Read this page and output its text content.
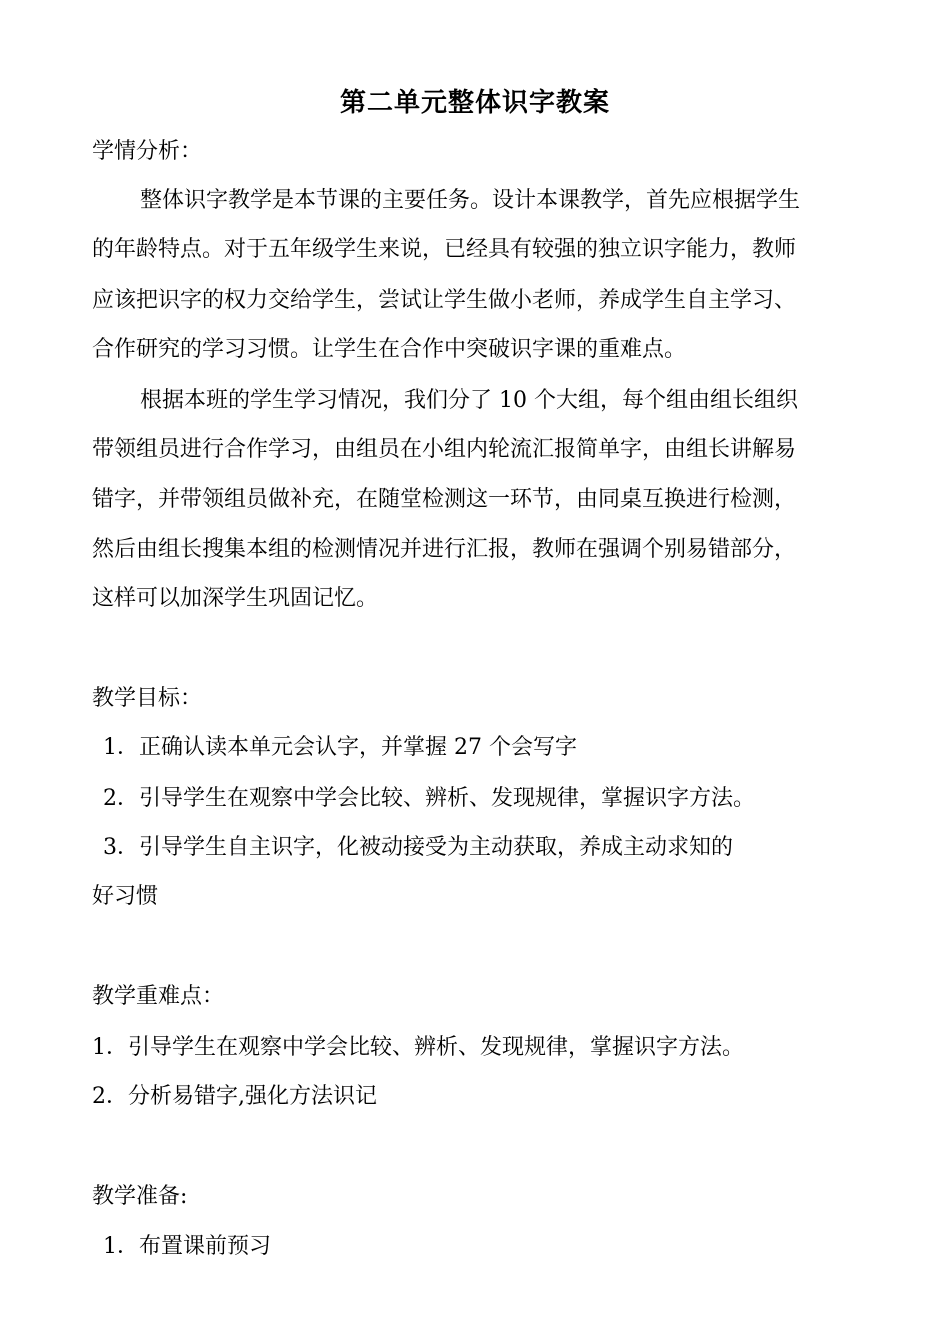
第二单元整体识字教案
学情分析：
整体识字教学是本节课的主要任务。设计本课教学，首先应根据学生
的年龄特点。对于五年级学生来说，已经具有较强的独立识字能力，教师
应该把识字的权力交给学生，尝试让学生做小老师，养成学生自主学习、
合作研究的学习习惯。让学生在合作中突破识字课的重难点。
根据本班的学生学习情况，我们分了 10 个大组，每个组由组长组织
带领组员进行合作学习，由组员在小组内轮流汇报简单字，由组长讲解易
错字，并带领组员做补充，在随堂检测这一环节，由同桌互换进行检测，
然后由组长搜集本组的检测情况并进行汇报，教师在强调个别易错部分，
这样可以加深学生巩固记忆。
教学目标：
1．正确认读本单元会认字，并掌握 27 个会写字
2．引导学生在观察中学会比较、辨析、发现规律，掌握识字方法。
3．引导学生自主识字，化被动接受为主动获取，养成主动求知的
好习惯
教学重难点：
1．引导学生在观察中学会比较、辨析、发现规律，掌握识字方法。
2．分析易错字,强化方法识记
教学准备:
1．布置课前预习
